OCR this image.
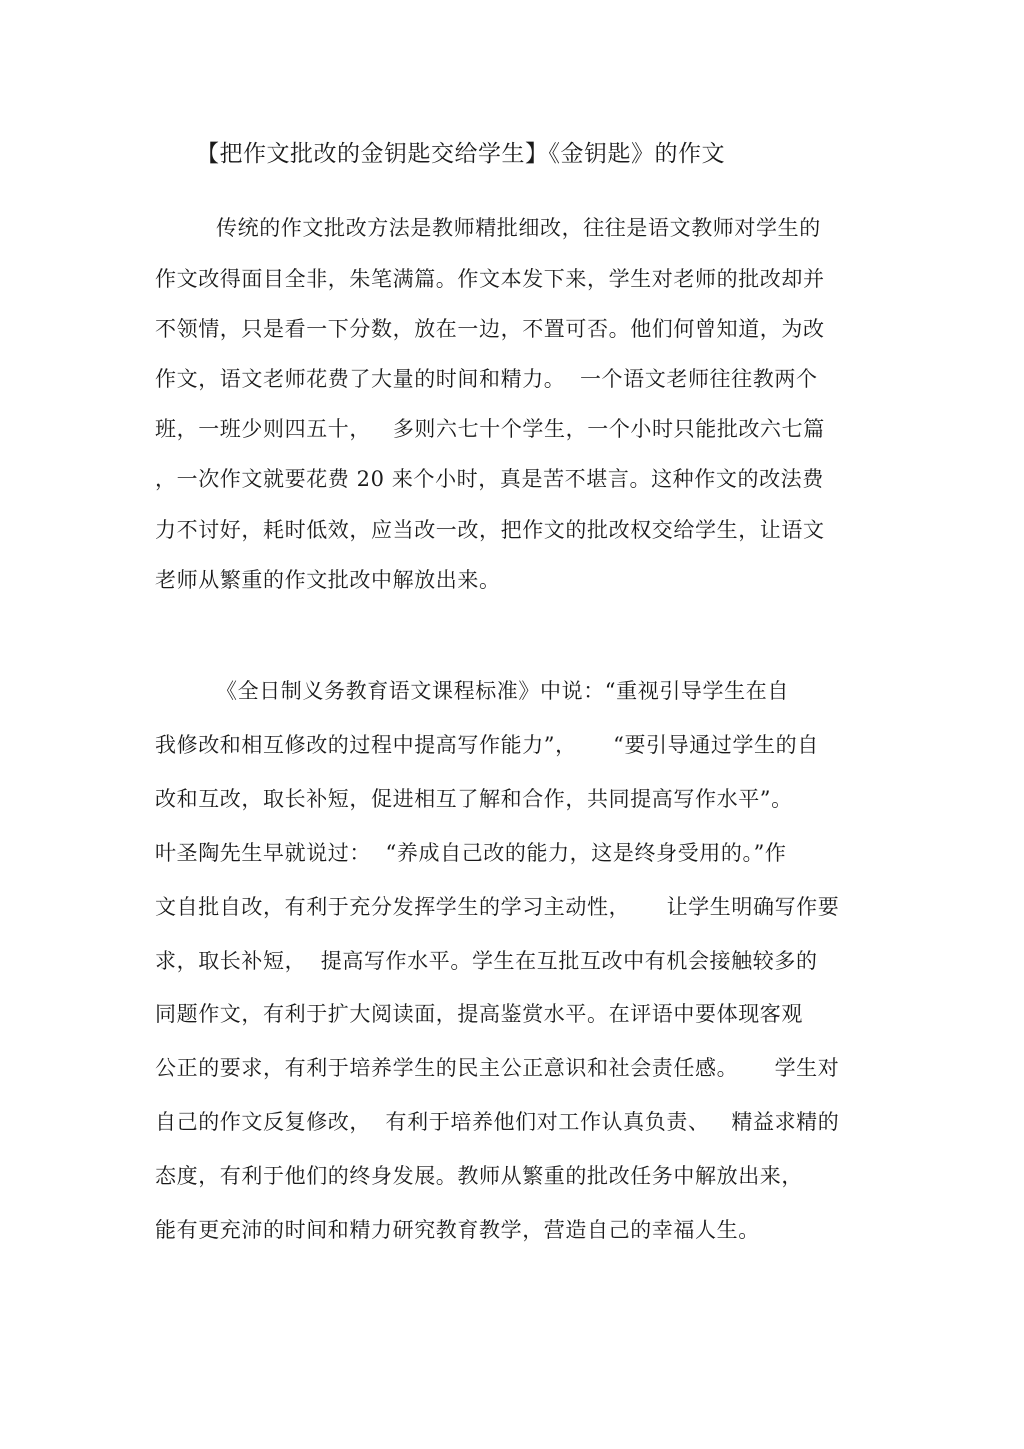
【把作文批改的金钥匙交给学生】《金钥匙》的作文
传统的作文批改方法是教师精批细改，往往是语文教师对学生的
作文改得面目全非，朱笔满篇。作文本发下来，学生对老师的批改却并
不领情，只是看一下分数，放在一边，不置可否。他们何曾知道，为改
作文，语文老师花费了大量的时间和精力。  一个语文老师往往教两个
班，一班少则四五十，   多则六七十个学生，一个小时只能批改六七篇
，一次作文就要花费 20 来个小时，真是苦不堪言。这种作文的改法费
力不讨好，耗时低效，应当改一改，把作文的批改权交给学生，让语文
老师从繁重的作文批改中解放出来。
《全日制义务教育语文课程标准》中说：“重视引导学生在自
我修改和相互修改的过程中提高写作能力”，     “要引导通过学生的自
改和互改，取长补短，促进相互了解和合作，共同提高写作水平”。
叶圣陶先生早就说过：  “养成自己改的能力，这是终身受用的。”作
文自批自改，有利于充分发挥学生的学习主动性，     让学生明确写作要
求，取长补短，  提高写作水平。学生在互批互改中有机会接触较多的
同题作文，有利于扩大阅读面，提高鉴赏水平。在评语中要体现客观
公正的要求，有利于培养学生的民主公正意识和社会责任感。     学生对
自己的作文反复修改，  有利于培养他们对工作认真负责、   精益求精的
态度，有利于他们的终身发展。教师从繁重的批改任务中解放出来，
能有更充沛的时间和精力研究教育教学，营造自己的幸福人生。
